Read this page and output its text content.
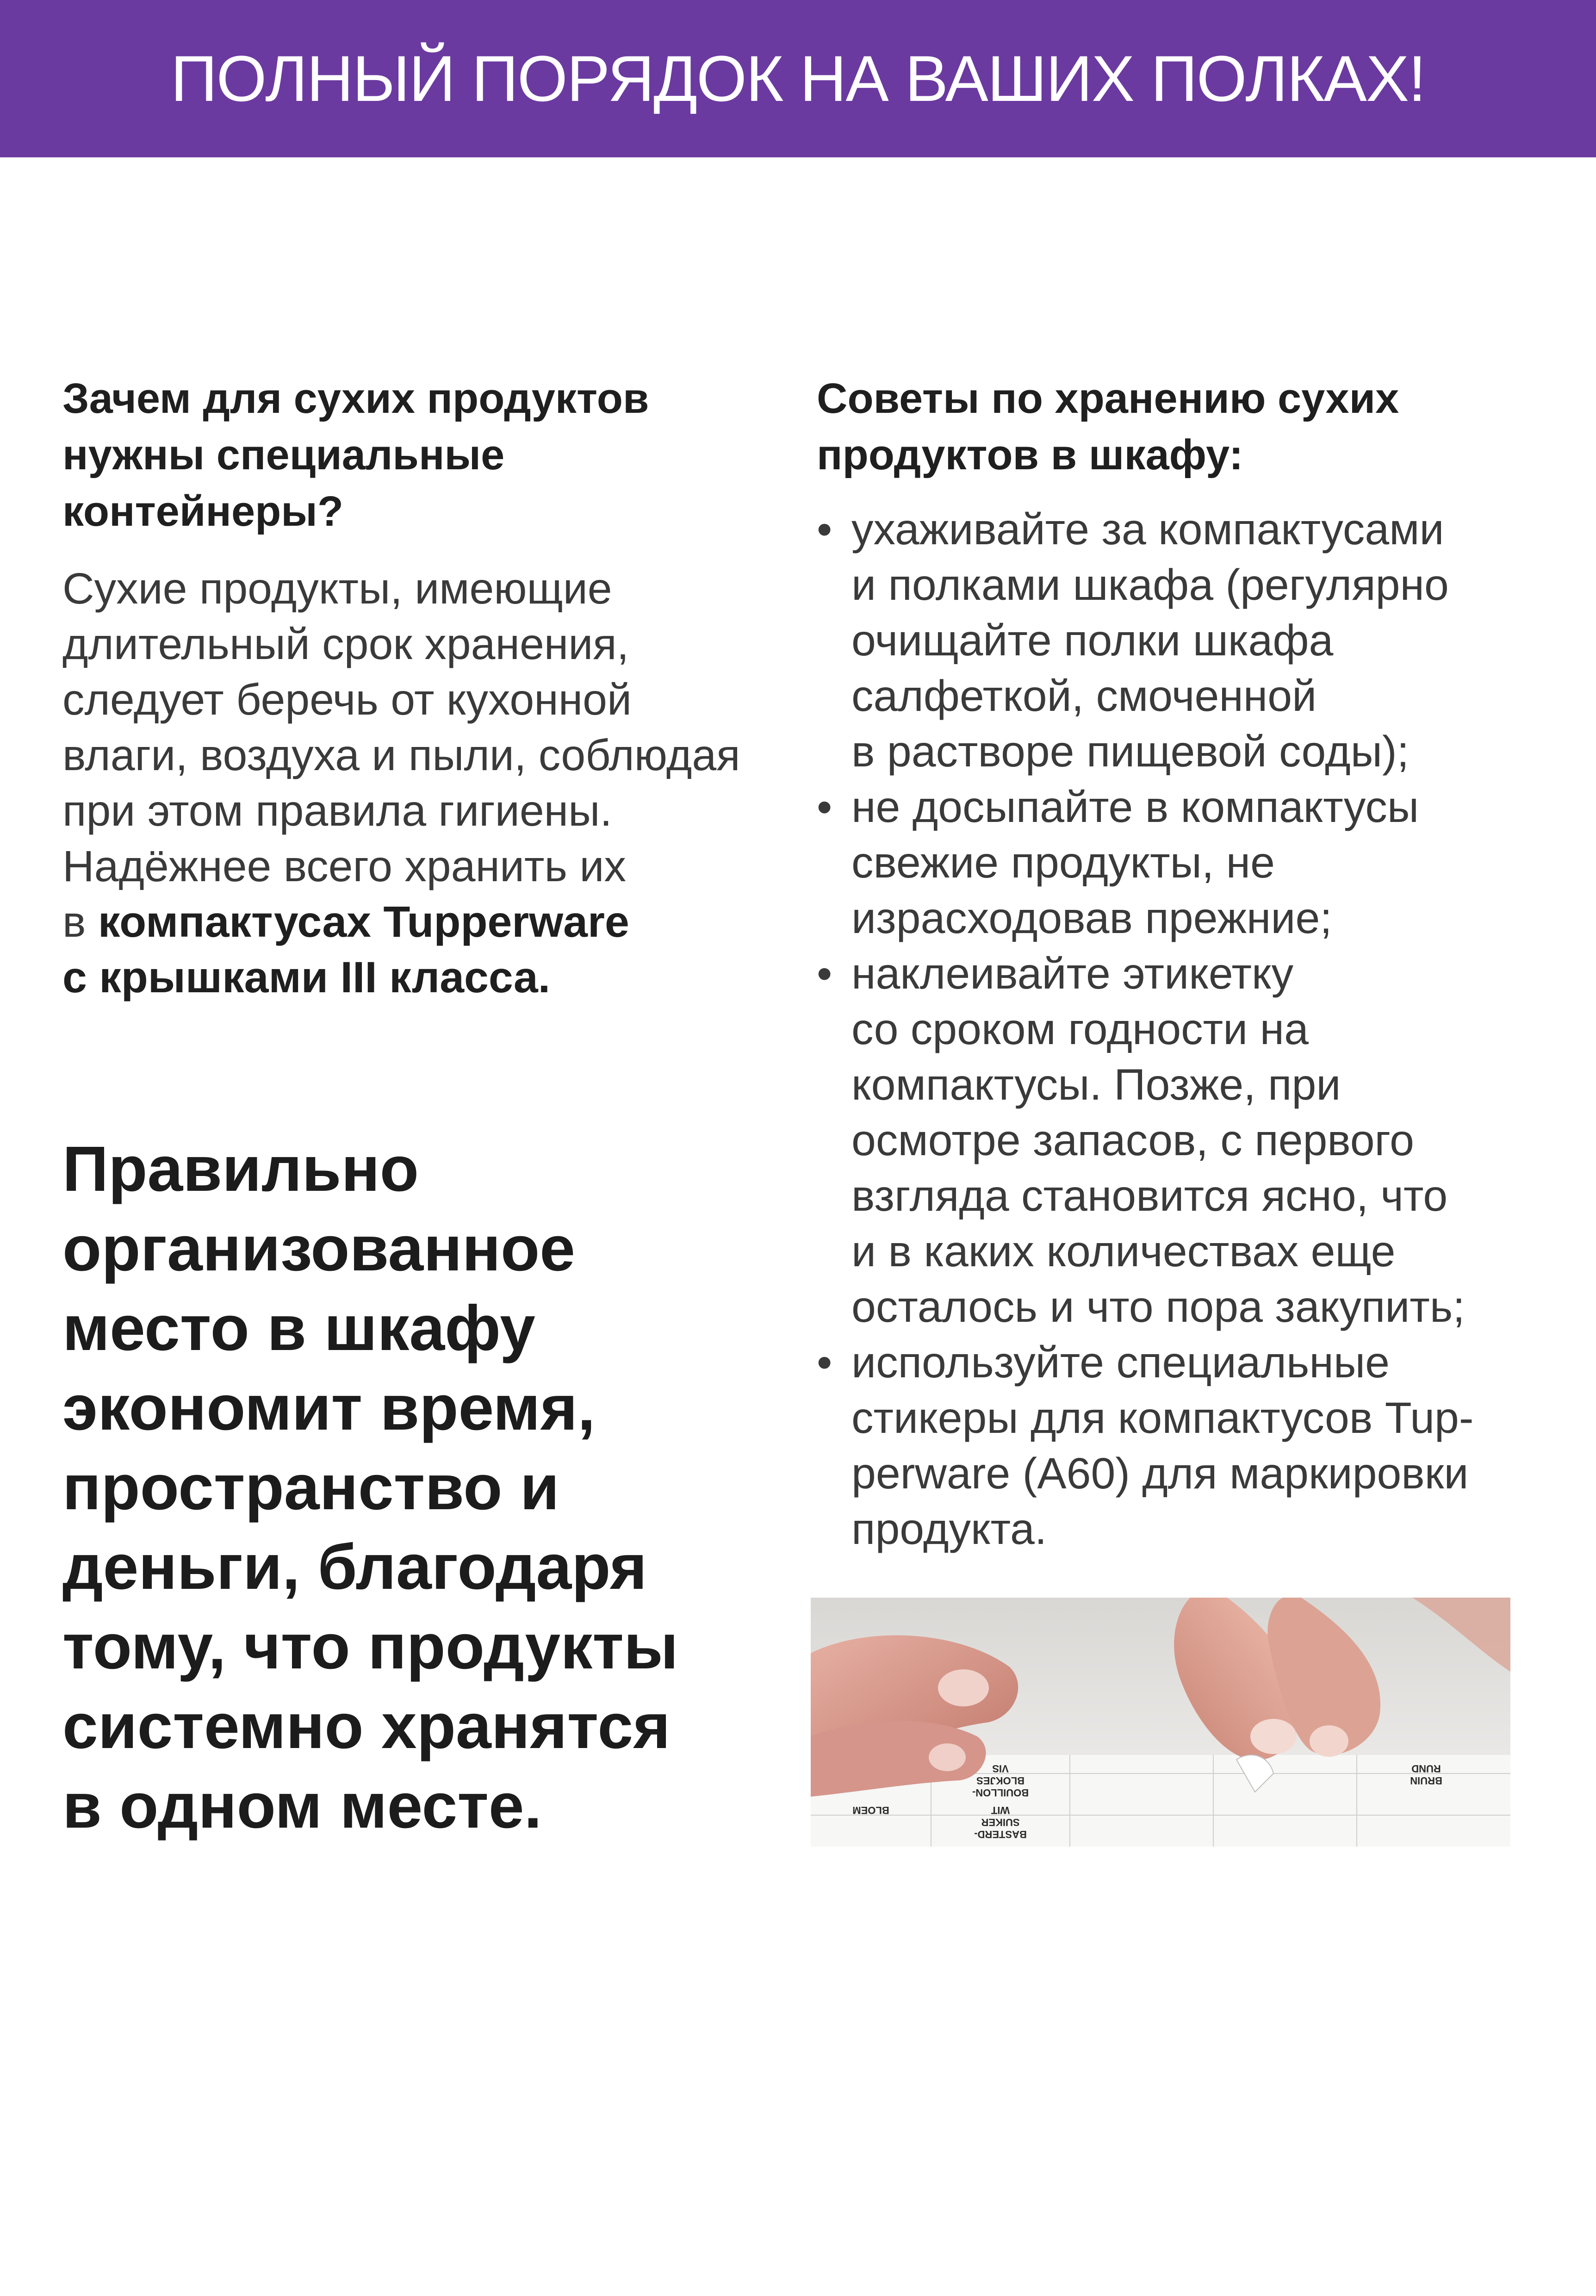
ПОЛНЫЙ ПОРЯДОК НА ВАШИХ ПОЛКАХ!
Зачем для сухих продуктов
нужны специальные
контейнеры?
Сухие продукты, имеющие
длительный срок хранения,
следует беречь от кухонной
влаги, воздуха и пыли, соблюдая
при этом правила гигиены.
Надёжнее всего хранить их
в компактусах Tupperware
с крышками III класса.
Правильно
организованное
место в шкафу
экономит время,
пространство и
деньги, благодаря
тому, что продукты
системно хранятся
в одном месте.
Советы по хранению сухих
продуктов в шкафу:
• ухаживайте за компактусами
и полками шкафа (регулярно
очищайте полки шкафа
салфеткой, смоченной
в растворе пищевой соды);
• не досыпайте в компактусы
свежие продукты, не
израсходовав прежние;
• наклеивайте этикетку
со сроком годности на
компактусы. Позже, при
осмотре запасов, с первого
взгляда становится ясно, что
и в каких количествах еще
осталось и что пора закупить;
• используйте специальные
стикеры для компактусов Tup-
perware (A60) для маркировки
продукта.
BLOEM
BASTERD-
SUIKER
WIT
BOUILLON-
BLOKJES
VIS
BRUIN
RUND
